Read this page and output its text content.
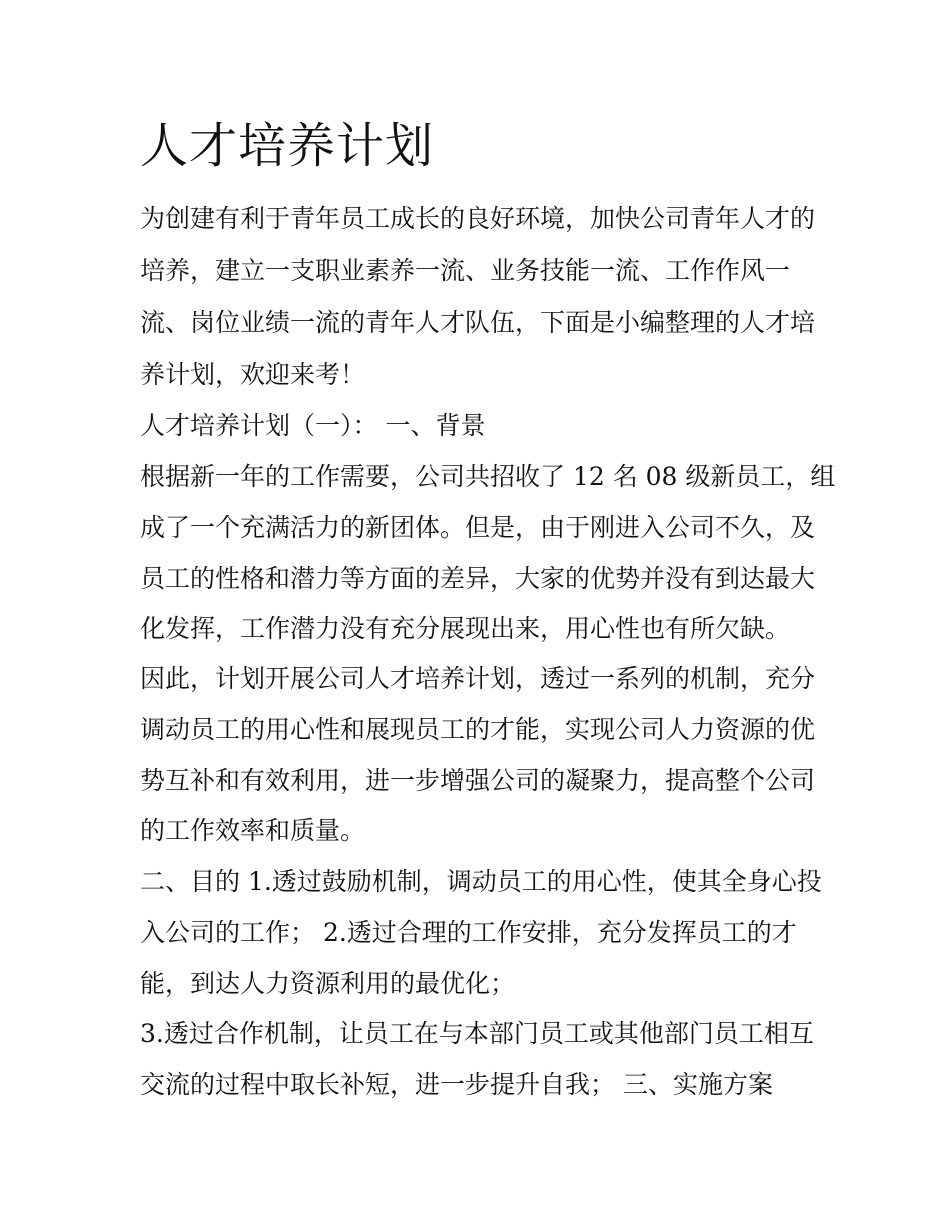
人才培养计划
为创建有利于青年员工成长的良好环境，加快公司青年人才的
培养，建立一支职业素养一流、业务技能一流、工作作风一
流、岗位业绩一流的青年人才队伍，下面是小编整理的人才培
养计划，欢迎来考！
人才培养计划（一）： 一、背景
根据新一年的工作需要，公司共招收了 12 名 08 级新员工，组
成了一个充满活力的新团体。但是，由于刚进入公司不久，及
员工的性格和潜力等方面的差异，大家的优势并没有到达最大
化发挥，工作潜力没有充分展现出来，用心性也有所欠缺。
因此，计划开展公司人才培养计划，透过一系列的机制，充分
调动员工的用心性和展现员工的才能，实现公司人力资源的优
势互补和有效利用，进一步增强公司的凝聚力，提高整个公司
的工作效率和质量。
二、目的 1.透过鼓励机制，调动员工的用心性，使其全身心投
入公司的工作； 2.透过合理的工作安排，充分发挥员工的才
能，到达人力资源利用的最优化；
3.透过合作机制，让员工在与本部门员工或其他部门员工相互
交流的过程中取长补短，进一步提升自我； 三、实施方案
